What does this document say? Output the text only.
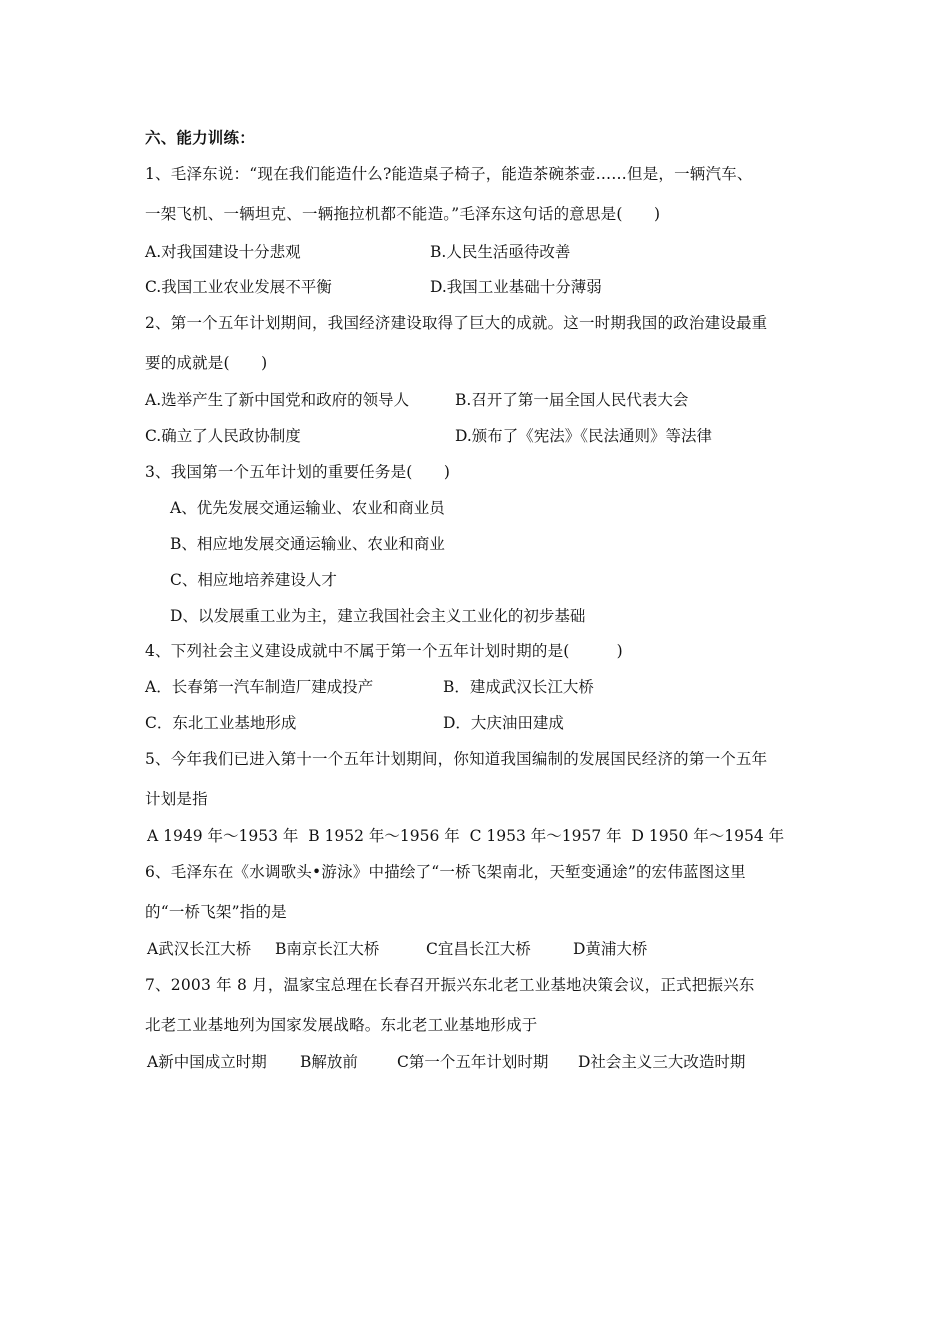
六、能力训练：
1、毛泽东说：“现在我们能造什么?能造桌子椅子，能造茶碗茶壶……但是，一辆汽车、
一架飞机、一辆坦克、一辆拖拉机都不能造。”毛泽东这句话的意思是(　　)
A.对我国建设十分悲观	B.人民生活亟待改善
C.我国工业农业发展不平衡	D.我国工业基础十分薄弱
2、第一个五年计划期间，我国经济建设取得了巨大的成就。这一时期我国的政治建设最重
要的成就是(　　)
A.选举产生了新中国党和政府的领导人	B.召开了第一届全国人民代表大会
C.确立了人民政协制度	D.颁布了《宪法》《民法通则》等法律
3、我国第一个五年计划的重要任务是(　　)
A、优先发展交通运输业、农业和商业员
B、相应地发展交通运输业、农业和商业
C、相应地培养建设人才
D、以发展重工业为主，建立我国社会主义工业化的初步基础
4、下列社会主义建设成就中不属于第一个五年计划时期的是(　　　)
A．长春第一汽车制造厂建成投产	B．建成武汉长江大桥
C．东北工业基地形成	D．大庆油田建成
5、今年我们已进入第十一个五年计划期间，你知道我国编制的发展国民经济的第一个五年
计划是指
A 1949 年～1953 年  B 1952 年～1956 年  C 1953 年～1957 年  D 1950 年～1954 年
6、毛泽东在《水调歌头•游泳》中描绘了“一桥飞架南北，天堑变通途”的宏伟蓝图这里
的“一桥飞架”指的是
A武汉长江大桥 B南京长江大桥	C宜昌长江大桥	D黄浦大桥
7、2003 年 8 月，温家宝总理在长春召开振兴东北老工业基地决策会议，正式把振兴东
北老工业基地列为国家发展战略。东北老工业基地形成于
A新中国成立时期 B解放前	C第一个五年计划时期 D社会主义三大改造时期
